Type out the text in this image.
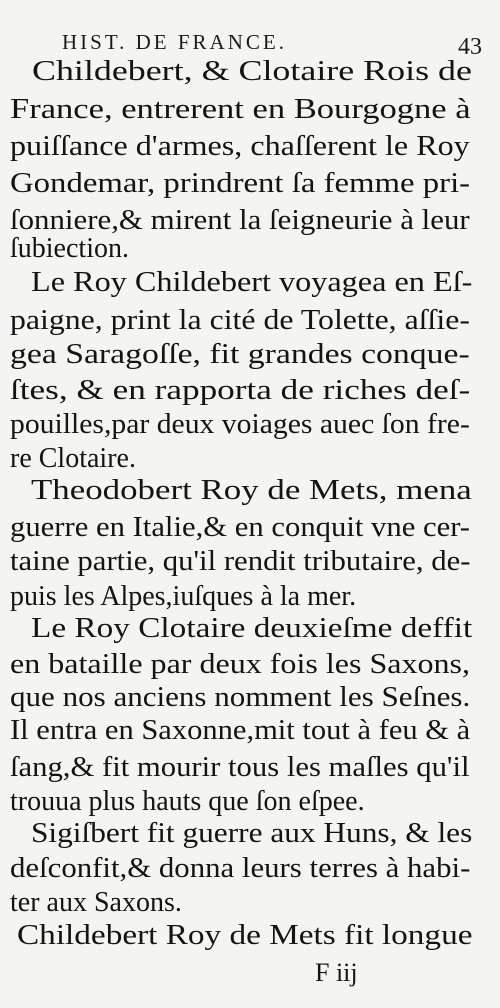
HIST. DE FRANCE.	43
Childebert, & Clotaire Rois de
France, entrerent en Bourgogne à
puiſſance d'armes, chaſſerent le Roy
Gondemar, prindrent ſa femme pri-
ſonniere,& mirent la ſeigneurie à leur
ſubiection.
Le Roy Childebert voyagea en Eſ-
paigne, print la cité de Tolette, aſſie-
gea Saragoſſe, fit grandes conque-
ſtes, & en rapporta de riches deſ-
pouilles,par deux voiages auec ſon fre-
re Clotaire.
Theodobert Roy de Mets, mena
guerre en Italie,& en conquit vne cer-
taine partie, qu'il rendit tributaire, de-
puis les Alpes,iuſques à la mer.
Le Roy Clotaire deuxieſme deffit
en bataille par deux fois les Saxons,
que nos anciens nomment les Seſnes.
Il entra en Saxonne,mit tout à feu & à
ſang,& fit mourir tous les maſles qu'il
trouua plus hauts que ſon eſpee.
Sigiſbert fit guerre aux Huns, & les
deſconfit,& donna leurs terres à habi-
ter aux Saxons.
Childebert Roy de Mets fit longue
F iij
